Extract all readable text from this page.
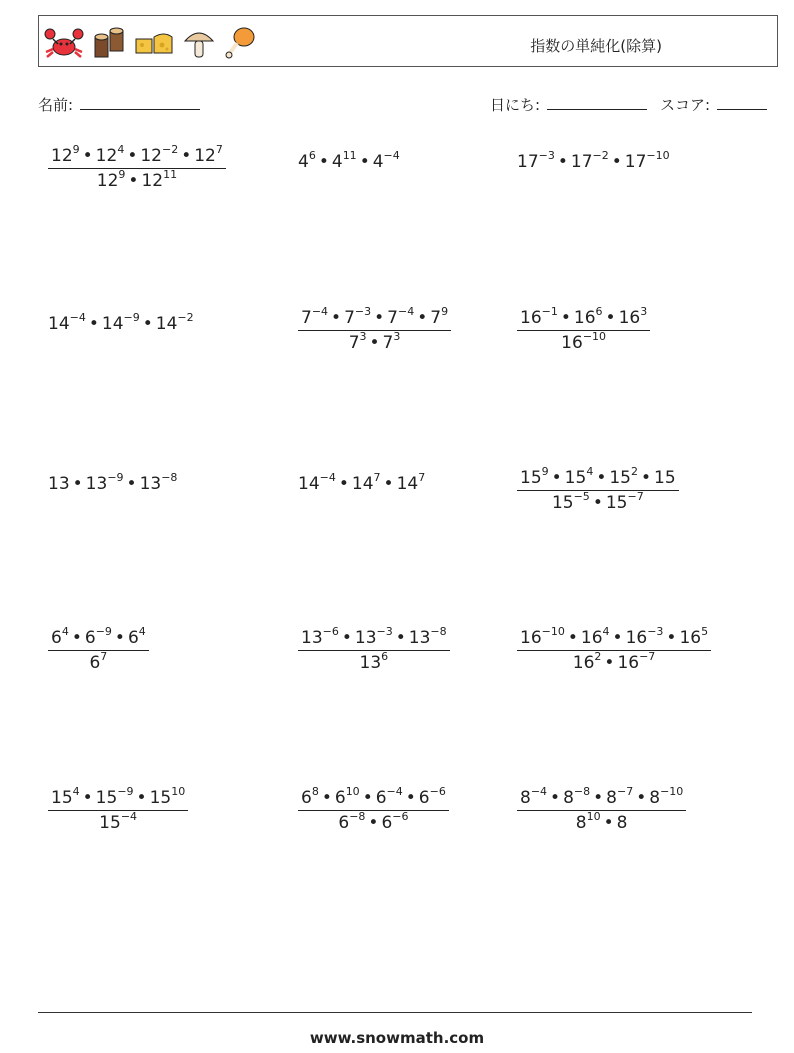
指数の単純化(除算)
名前:	日にち:	スコア:
$\frac{12^9 • 12^4 • 12^{-2} • 12^7}{12^9 • 12^{11}}$	$4^6$ • $4^{11}$ • $4^{-4}$	$17^{-3}$ • $17^{-2}$ • $17^{-10}$
$14^{-4}$ • $14^{-9}$ • $14^{-2}$	$\frac{7^{-4} • 7^{-3} • 7^{-4} • 7^9}{7^3 • 7^3}$	$\frac{16^{-1} • 16^6 • 16^3}{16^{-10}}$
13 • $13^{-9}$ • $13^{-8}$	$14^{-4}$ • $14^7$ • $14^7$	$\frac{15^9 • 15^4 • 15^2 • 15}{15^{-5} • 15^{-7}}$
$\frac{6^4 • 6^{-9} • 6^4}{6^7}$	$\frac{13^{-6} • 13^{-3} • 13^{-8}}{13^6}$	$\frac{16^{-10} • 16^4 • 16^{-3} • 16^5}{16^2 • 16^{-7}}$
$\frac{15^4 • 15^{-9} • 15^{10}}{15^{-4}}$	$\frac{6^8 • 6^{10} • 6^{-4} • 6^{-6}}{6^{-8} • 6^{-6}}$	$\frac{8^{-4} • 8^{-8} • 8^{-7} • 8^{-10}}{8^{10} • 8}$
www.snowmath.com
